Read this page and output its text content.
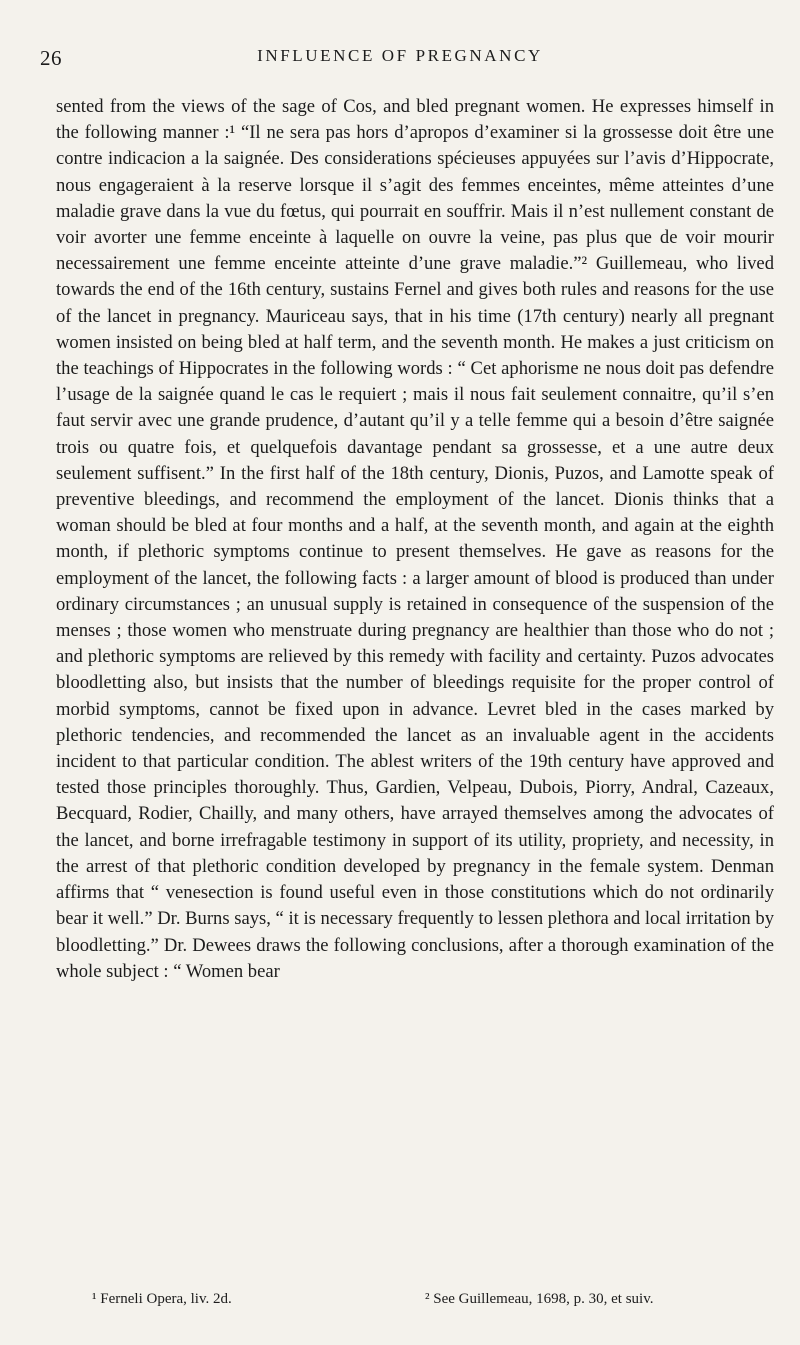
26	INFLUENCE OF PREGNANCY

sented from the views of the sage of Cos, and bled pregnant women. He expresses himself in the following manner :¹ “Il ne sera pas hors d’apropos d’examiner si la grossesse doit être une contre indicacion a la saignée. Des considerations spécieuses appuyées sur l’avis d’Hippocrate, nous engageraient à la reserve lorsque il s’agit des femmes enceintes, même atteintes d’une maladie grave dans la vue du fœtus, qui pourrait en souffrir. Mais il n’est nullement constant de voir avorter une femme enceinte à laquelle on ouvre la veine, pas plus que de voir mourir necessairement une femme enceinte atteinte d’une grave maladie.”² Guillemeau, who lived towards the end of the 16th century, sustains Fernel and gives both rules and reasons for the use of the lancet in pregnancy. Mauriceau says, that in his time (17th century) nearly all pregnant women insisted on being bled at half term, and the seventh month. He makes a just criticism on the teachings of Hippocrates in the following words : “ Cet aphorisme ne nous doit pas defendre l’usage de la saignée quand le cas le requiert ; mais il nous fait seulement connaitre, qu’il s’en faut servir avec une grande prudence, d’autant qu’il y a telle femme qui a besoin d’être saignée trois ou quatre fois, et quelquefois davantage pendant sa grossesse, et a une autre deux seulement suffisent.” In the first half of the 18th century, Dionis, Puzos, and Lamotte speak of preventive bleedings, and recommend the employment of the lancet. Dionis thinks that a woman should be bled at four months and a half, at the seventh month, and again at the eighth month, if plethoric symptoms continue to present themselves. He gave as reasons for the employment of the lancet, the following facts : a larger amount of blood is produced than under ordinary circumstances ; an unusual supply is retained in consequence of the suspension of the menses ; those women who menstruate during pregnancy are healthier than those who do not ; and plethoric symptoms are relieved by this remedy with facility and certainty. Puzos advocates bloodletting also, but insists that the number of bleedings requisite for the proper control of morbid symptoms, cannot be fixed upon in advance. Levret bled in the cases marked by plethoric tendencies, and recommended the lancet as an invaluable agent in the accidents incident to that particular condition. The ablest writers of the 19th century have approved and tested those principles thoroughly. Thus, Gardien, Velpeau, Dubois, Piorry, Andral, Cazeaux, Becquard, Rodier, Chailly, and many others, have arrayed themselves among the advocates of the lancet, and borne irrefragable testimony in support of its utility, propriety, and necessity, in the arrest of that plethoric condition developed by pregnancy in the female system. Denman affirms that “ venesection is found useful even in those constitutions which do not ordinarily bear it well.” Dr. Burns says, “ it is necessary frequently to lessen plethora and local irritation by bloodletting.” Dr. Dewees draws the following conclusions, after a thorough examination of the whole subject : “ Women bear

¹ Ferneli Opera, liv. 2d.	² See Guillemeau, 1698, p. 30, et suiv.
